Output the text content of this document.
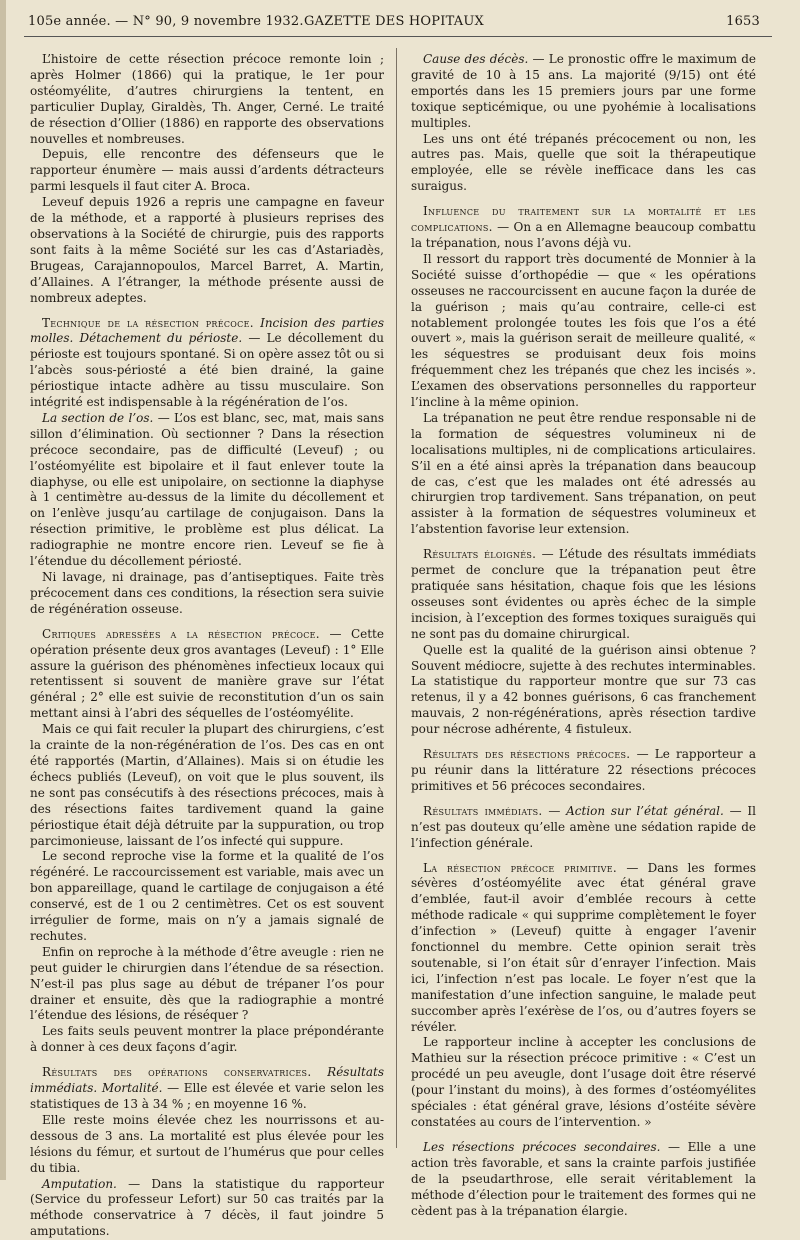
105e année. — N° 90, 9 novembre 1932. GAZETTE DES HOPITAUX	1653

L’histoire de cette résection précoce remonte loin ; après Holmer (1866) qui la pratique, le 1er pour ostéomyélite, d’autres chirurgiens la tentent, en particulier Duplay, Giraldès, Th. Anger, Cerné. Le traité de résection d’Ollier (1886) en rapporte des observations nouvelles et nombreuses.

Depuis, elle rencontre des défenseurs que le rapporteur énumère — mais aussi d’ardents détracteurs parmi lesquels il faut citer A. Broca.

Leveuf depuis 1926 a repris une campagne en faveur de la méthode, et a rapporté à plusieurs reprises des observations à la Société de chirurgie, puis des rapports sont faits à la même Société sur les cas d’Astariadès, Brugeas, Carajannopoulos, Marcel Barret, A. Martin, d’Allaines. A l’étranger, la méthode présente aussi de nombreux adeptes.

Technique de la résection précoce. Incision des parties molles. Détachement du périoste. — Le décollement du périoste est toujours spontané. Si on opère assez tôt ou si l’abcès sous-périosté a été bien drainé, la gaine périostique intacte adhère au tissu musculaire. Son intégrité est indispensable à la régénération de l’os.

La section de l’os. — L’os est blanc, sec, mat, mais sans sillon d’élimination. Où sectionner ? Dans la résection précoce secondaire, pas de difficulté (Leveuf) ; ou l’ostéomyélite est bipolaire et il faut enlever toute la diaphyse, ou elle est unipolaire, on sectionne la diaphyse à 1 centimètre au-dessus de la limite du décollement et on l’enlève jusqu’au cartilage de conjugaison. Dans la résection primitive, le problème est plus délicat. La radiographie ne montre encore rien. Leveuf se fie à l’étendue du décollement périosté.

Ni lavage, ni drainage, pas d’antiseptiques. Faite très précocement dans ces conditions, la résection sera suivie de régénération osseuse.

Critiques adressées a la résection précoce. — Cette opération présente deux gros avantages (Leveuf) : 1° Elle assure la guérison des phénomènes infectieux locaux qui retentissent si souvent de manière grave sur l’état général ; 2° elle est suivie de reconstitution d’un os sain mettant ainsi à l’abri des séquelles de l’ostéomyélite.

Mais ce qui fait reculer la plupart des chirurgiens, c’est la crainte de la non-régénération de l’os. Des cas en ont été rapportés (Martin, d’Allaines). Mais si on étudie les échecs publiés (Leveuf), on voit que le plus souvent, ils ne sont pas consécutifs à des résections précoces, mais à des résections faites tardivement quand la gaine périostique était déjà détruite par la suppuration, ou trop parcimonieuse, laissant de l’os infecté qui suppure.

Le second reproche vise la forme et la qualité de l’os régénéré. Le raccourcissement est variable, mais avec un bon appareillage, quand le cartilage de conjugaison a été conservé, est de 1 ou 2 centimètres. Cet os est souvent irrégulier de forme, mais on n’y a jamais signalé de rechutes.

Enfin on reproche à la méthode d’être aveugle : rien ne peut guider le chirurgien dans l’étendue de sa résection. N’est-il pas plus sage au début de trépaner l’os pour drainer et ensuite, dès que la radiographie a montré l’étendue des lésions, de réséquer ?

Les faits seuls peuvent montrer la place prépondérante à donner à ces deux façons d’agir.

Résultats des opérations conservatrices. Résultats immédiats. Mortalité. — Elle est élevée et varie selon les statistiques de 13 à 34 % ; en moyenne 16 %.

Elle reste moins élevée chez les nourrissons et au-dessous de 3 ans. La mortalité est plus élevée pour les lésions du fémur, et surtout de l’humérus que pour celles du tibia.

Amputation. — Dans la statistique du rapporteur (Service du professeur Lefort) sur 50 cas traités par la méthode conservatrice à 7 décès, il faut joindre 5 amputations.

Cause des décès. — Le pronostic offre le maximum de gravité de 10 à 15 ans. La majorité (9/15) ont été emportés dans les 15 premiers jours par une forme toxique septicémique, ou une pyohémie à localisations multiples.

Les uns ont été trépanés précocement ou non, les autres pas. Mais, quelle que soit la thérapeutique employée, elle se révèle inefficace dans les cas suraigus.

Influence du traitement sur la mortalité et les complications. — On a en Allemagne beaucoup combattu la trépanation, nous l’avons déjà vu.

Il ressort du rapport très documenté de Monnier à la Société suisse d’orthopédie — que « les opérations osseuses ne raccourcissent en aucune façon la durée de la guérison ; mais qu’au contraire, celle-ci est notablement prolongée toutes les fois que l’os a été ouvert », mais la guérison serait de meilleure qualité, « les séquestres se produisant deux fois moins fréquemment chez les trépanés que chez les incisés ». L’examen des observations personnelles du rapporteur l’incline à la même opinion.

La trépanation ne peut être rendue responsable ni de la formation de séquestres volumineux ni de localisations multiples, ni de complications articulaires. S’il en a été ainsi après la trépanation dans beaucoup de cas, c’est que les malades ont été adressés au chirurgien trop tardivement. Sans trépanation, on peut assister à la formation de séquestres volumineux et l’abstention favorise leur extension.

Résultats éloignés. — L’étude des résultats immédiats permet de conclure que la trépanation peut être pratiquée sans hésitation, chaque fois que les lésions osseuses sont évidentes ou après échec de la simple incision, à l’exception des formes toxiques suraiguës qui ne sont pas du domaine chirurgical.

Quelle est la qualité de la guérison ainsi obtenue ? Souvent médiocre, sujette à des rechutes interminables. La statistique du rapporteur montre que sur 73 cas retenus, il y a 42 bonnes guérisons, 6 cas franchement mauvais, 2 non-régénérations, après résection tardive pour nécrose adhérente, 4 fistuleux.

Résultats des résections précoces. — Le rapporteur a pu réunir dans la littérature 22 résections précoces primitives et 56 précoces secondaires.

Résultats immédiats. — Action sur l’état général. — Il n’est pas douteux qu’elle amène une sédation rapide de l’infection générale.

La résection précoce primitive. — Dans les formes sévères d’ostéomyélite avec état général grave d’emblée, faut-il avoir d’emblée recours à cette méthode radicale « qui supprime complètement le foyer d’infection » (Leveuf) quitte à engager l’avenir fonctionnel du membre. Cette opinion serait très soutenable, si l’on était sûr d’enrayer l’infection. Mais ici, l’infection n’est pas locale. Le foyer n’est que la manifestation d’une infection sanguine, le malade peut succomber après l’exérèse de l’os, ou d’autres foyers se révéler.

Le rapporteur incline à accepter les conclusions de Mathieu sur la résection précoce primitive : « C’est un procédé un peu aveugle, dont l’usage doit être réservé (pour l’instant du moins), à des formes d’ostéomyélites spéciales : état général grave, lésions d’ostéite sévère constatées au cours de l’intervention. »

Les résections précoces secondaires. — Elle a une action très favorable, et sans la crainte parfois justifiée de la pseudarthrose, elle serait véritablement la méthode d’élection pour le traitement des formes qui ne cèdent pas à la trépanation élargie.
